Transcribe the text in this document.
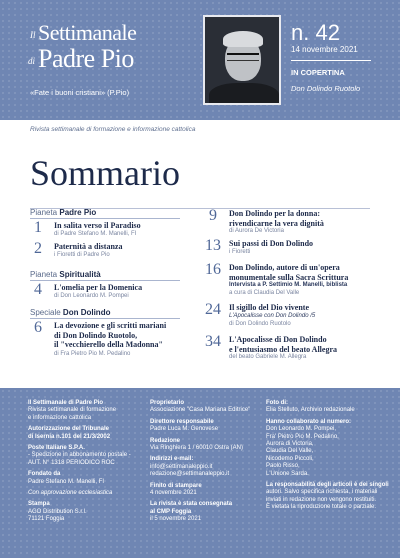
Il Settimanale
di Padre Pio
«Fate i buoni cristiani» (P.Pio)
n. 42
14 novembre 2021
IN COPERTINA
Don Dolindo Ruotolo
Rivista settimanale di formazione e informazione cattolica
Sommario
Pianeta Padre Pio
Pianeta Spiritualità
Speciale Don Dolindo
1	In salita verso il Paradiso
di Padre Stefano M. Manelli, FI
2	Paternità a distanza
i Fioretti di Padre Pio
4	L'omelia per la Domenica
di Don Leonardo M. Pompei
6	La devozione e gli scritti mariani
di Don Dolindo Ruotolo,
il "vecchierello della Madonna"
di Fra Pietro Pio M. Pedalino
9	Don Dolindo per la donna:
rivendicarne la vera dignità
di Aurora De Victoria
13 Sui passi di Don Dolindo
i Fioretti
16 Don Dolindo, autore di un'opera
monumentale sulla Sacra Scrittura
Intervista a P. Settimio M. Manelli, biblista
a cura di Claudia Del Valle
24 Il sigillo del Dio vivente
L'Apocalisse con Don Dolindo /5
di Don Dolindo Ruotolo
34 L'Apocalisse di Don Dolindo
e l'entusiasmo del beato Allegra
del beato Gabriele M. Allegra
Il Settimanale di Padre Pio
Rivista settimanale di formazione
e informazione cattolica
Autorizzazione del Tribunale
di Isernia n.101 del 21/3/2002
Poste Italiane S.P.A.
- Spedizione in abbonamento postale -
AUT. N° 1318 PERIODICO ROC
Fondato da
Padre Stefano M. Manelli, FI
Con approvazione ecclesiastica
Stampa
AGO Distribution S.r.l.
71121 Foggia
Proprietario
Associazione "Casa Mariana Editrice"
Direttore responsabile
Padre Luca M. Genovese
Redazione
Via Ringhiera 1 / 60010 Ostra (AN)
Indirizzi e-mail:
info@settimanaleppio.it
redazione@settimanaleppio.it
Finito di stampare
4 novembre 2021
La rivista è stata consegnata
al CMP Foggia
il 5 novembre 2021
Foto di:
Elia Stelluto, Archivio redazionale
Hanno collaborato al numero:
Don Leonardo M. Pompei,
Fra' Pietro Pio M. Pedalino,
Aurora di Victoria,
Claudia Del Valle,
Nicodemo Piccoli,
Paolo Risso,
L'Unione Sarda.
La responsabilità degli articoli è dei singoli
autori. Salvo specifica richiesta, i materiali
inviati in redazione non vengono restituiti.
È vietata la riproduzione totale o parziale.
